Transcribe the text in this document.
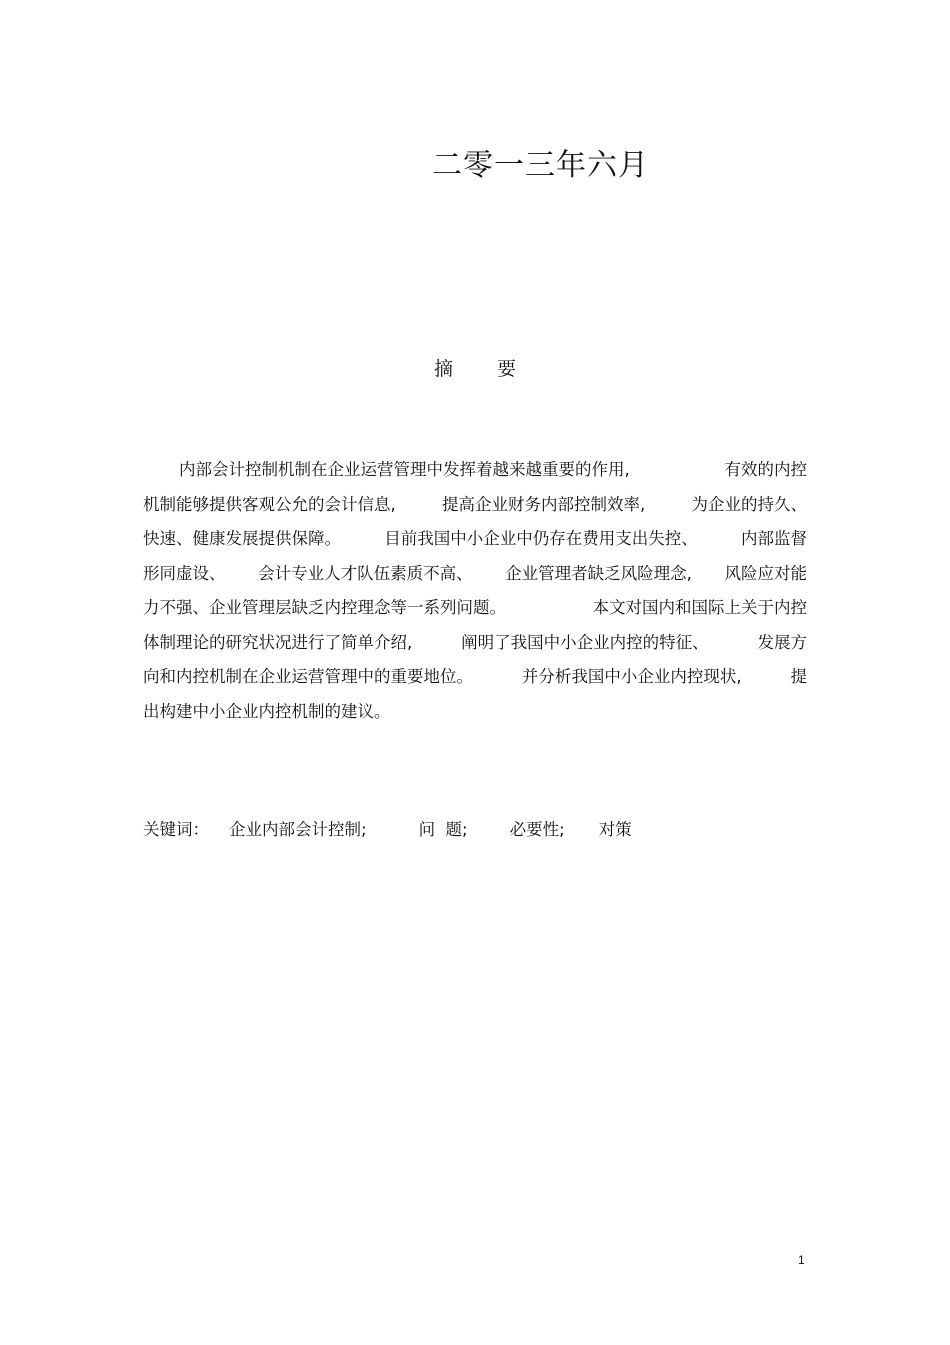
二零一三年六月
摘 要
内部会计控制机制在企业运营管理中发挥着越来越重要的作用,	有效的内控
机制能够提供客观公允的会计信息,	提高企业财务内部控制效率,	为企业的持久、
快速、健康发展提供保障。	目前我国中小企业中仍存在费用支出失控、	内部监督
形同虚设、 会计专业人才队伍素质不高、 企业管理者缺乏风险理念, 风险应对能
力不强、企业管理层缺乏内控理念等一系列问题。	本文对国内和国际上关于内控
体制理论的研究状况进行了简单介绍,	阐明了我国中小企业内控的特征、	发展方
向和内控机制在企业运营管理中的重要地位。	并分析我国中小企业内控现状,	提
出构建中小企业内控机制的建议。
关键词： 企业内部会计控制;	问  题;	必要性; 对策
1
